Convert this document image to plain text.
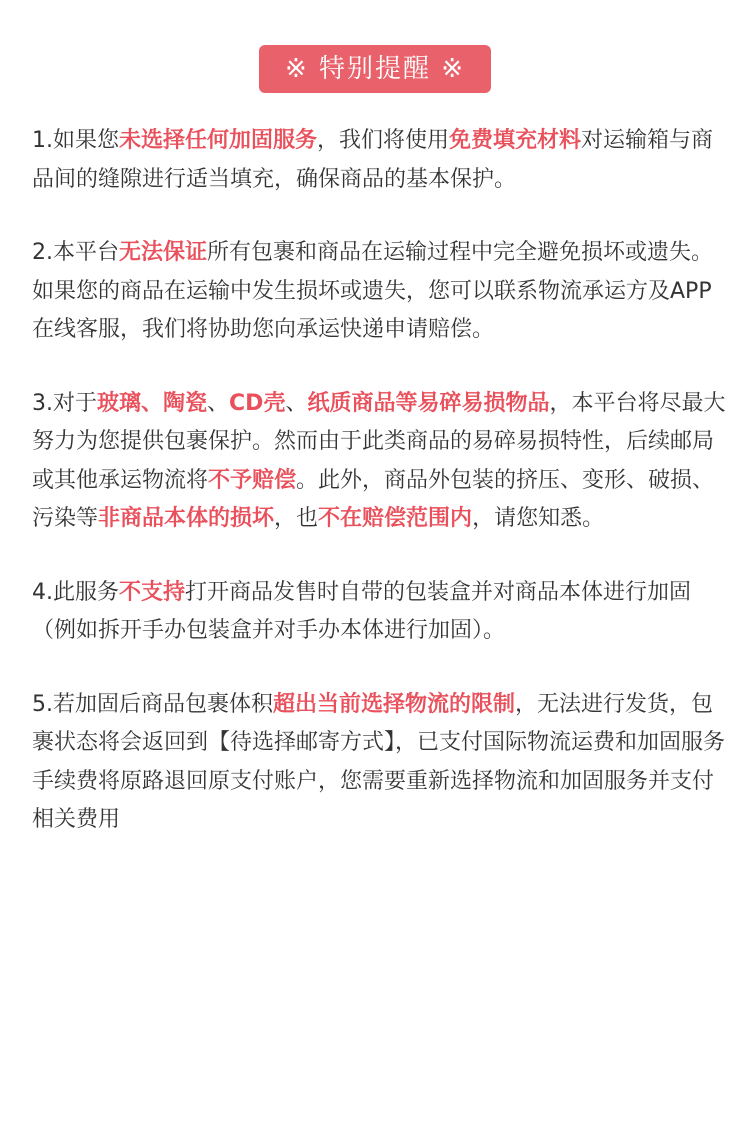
※ 特别提醒 ※

1.如果您未选择任何加固服务，我们将使用免费填充材料对运输箱与商品间的缝隙进行适当填充，确保商品的基本保护。

2.本平台无法保证所有包裹和商品在运输过程中完全避免损坏或遗失。如果您的商品在运输中发生损坏或遗失，您可以联系物流承运方及APP在线客服，我们将协助您向承运快递申请赔偿。

3.对于玻璃、陶瓷、CD壳、纸质商品等易碎易损物品，本平台将尽最大努力为您提供包裹保护。然而由于此类商品的易碎易损特性，后续邮局或其他承运物流将不予赔偿。此外，商品外包装的挤压、变形、破损、污染等非商品本体的损坏，也不在赔偿范围内，请您知悉。

4.此服务不支持打开商品发售时自带的包装盒并对商品本体进行加固（例如拆开手办包装盒并对手办本体进行加固）。

5.若加固后商品包裹体积超出当前选择物流的限制，无法进行发货，包裹状态将会返回到【待选择邮寄方式】，已支付国际物流运费和加固服务手续费将原路退回原支付账户，您需要重新选择物流和加固服务并支付相关费用
